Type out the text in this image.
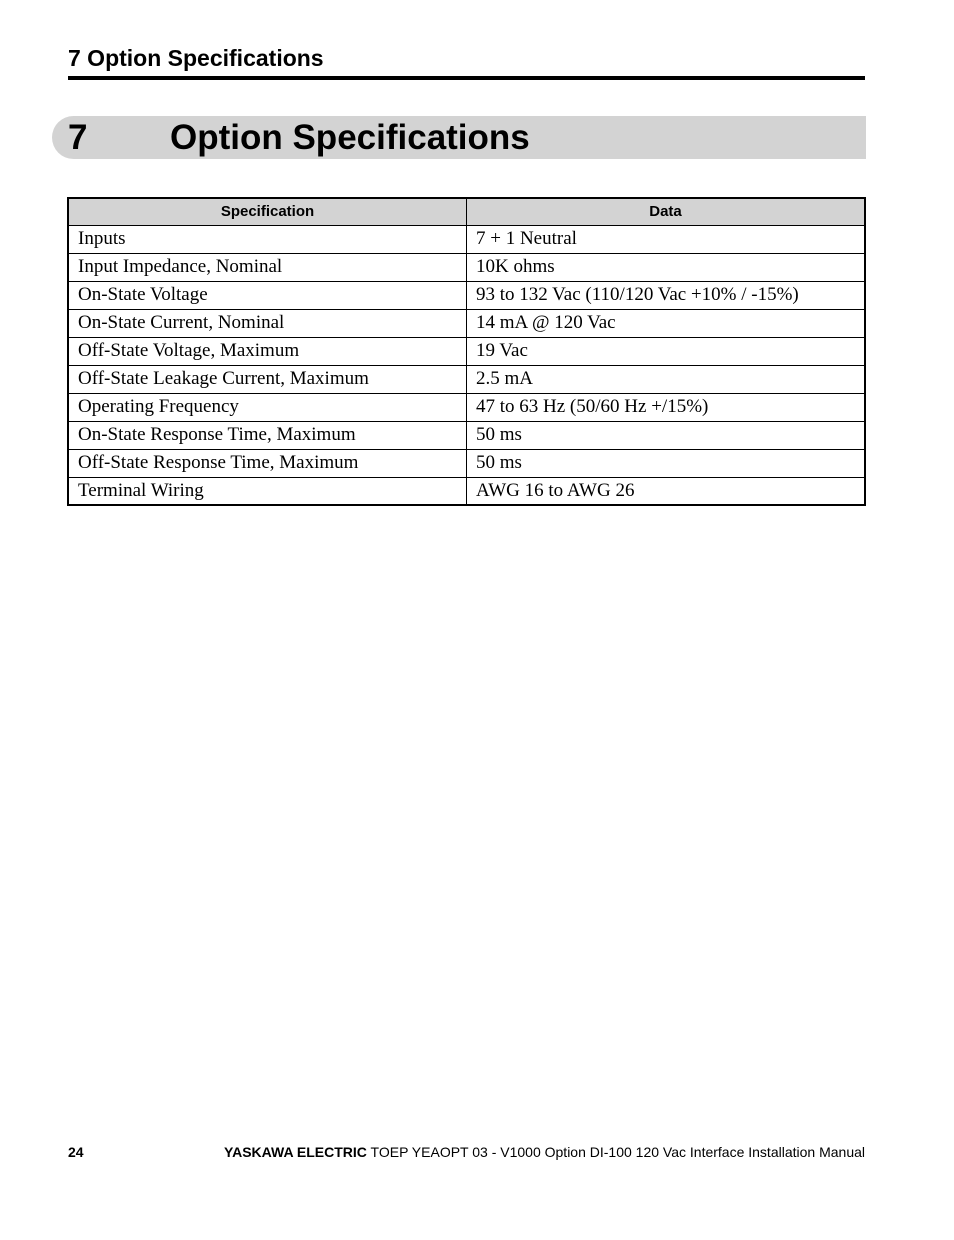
7 Option Specifications
7 Option Specifications
Specification	Data
Inputs	7 + 1 Neutral
Input Impedance, Nominal	10K ohms
On-State Voltage	93 to 132 Vac (110/120 Vac +10% / -15%)
On-State Current, Nominal	14 mA @ 120 Vac
Off-State Voltage, Maximum	19 Vac
Off-State Leakage Current, Maximum	2.5 mA
Operating Frequency	47 to 63 Hz (50/60 Hz +/15%)
On-State Response Time, Maximum	50 ms
Off-State Response Time, Maximum	50 ms
Terminal Wiring	AWG 16 to AWG 26
24	YASKAWA ELECTRIC TOEP YEAOPT 03 - V1000 Option DI-100 120 Vac Interface Installation Manual
